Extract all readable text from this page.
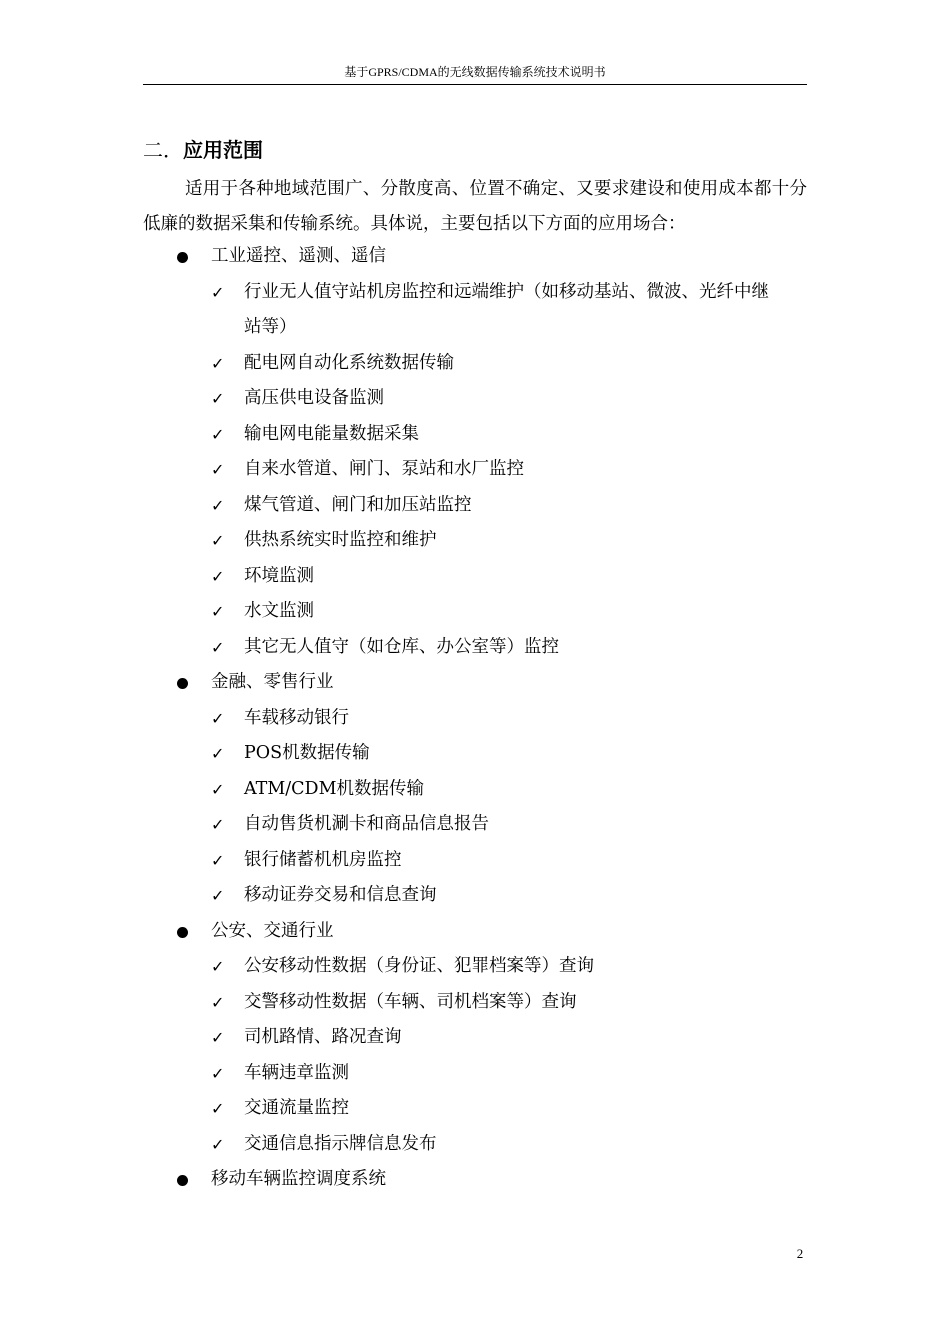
基于GPRS/CDMA的无线数据传输系统技术说明书
二．应用范围

适用于各种地域范围广、分散度高、位置不确定、又要求建设和使用成本都十分低廉的数据采集和传输系统。具体说，主要包括以下方面的应用场合：

工业遥控、遥测、遥信
✓ 行业无人值守站机房监控和远端维护（如移动基站、微波、光纤中继
站等）
✓ 配电网自动化系统数据传输
✓ 高压供电设备监测
✓ 输电网电能量数据采集
✓ 自来水管道、闸门、泵站和水厂监控
✓ 煤气管道、闸门和加压站监控
✓ 供热系统实时监控和维护
✓ 环境监测
✓ 水文监测
✓ 其它无人值守（如仓库、办公室等）监控
金融、零售行业
✓ 车载移动银行
✓ POS机数据传输
✓ ATM/CDM机数据传输
✓ 自动售货机涮卡和商品信息报告
✓ 银行储蓄机机房监控
✓ 移动证券交易和信息查询
公安、交通行业
✓ 公安移动性数据（身份证、犯罪档案等）查询
✓ 交警移动性数据（车辆、司机档案等）查询
✓ 司机路情、路况查询
✓ 车辆违章监测
✓ 交通流量监控
✓ 交通信息指示牌信息发布
移动车辆监控调度系统
2
